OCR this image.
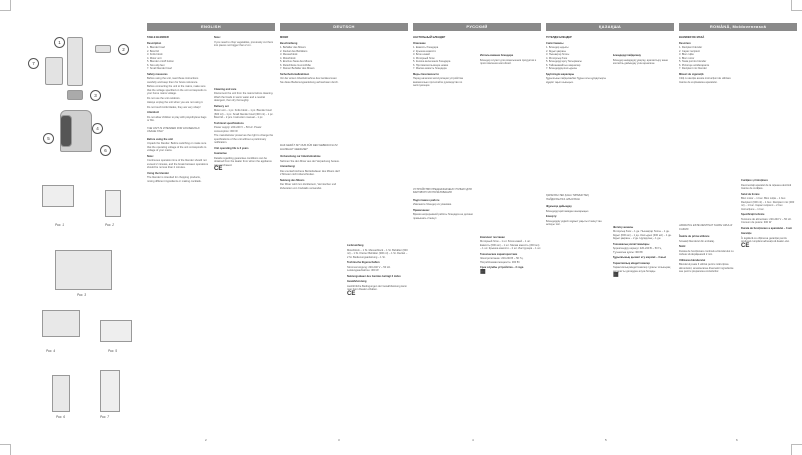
1
2
3
4
5
6
7
Рис. 1	Рис. 2
Рис. 3
Рис. 4	Рис. 5
Рис. 6	Рис. 7
ENGLISH
TABLE BLENDER
Description
1. Blender bowl
2. Bowl lid
3. Knife block
4. Motor unit
5. Blender on/off button
6. Non-slip feet
7. Small blender bowl
Safety measures
Before using the unit, read these instructions carefully and keep them for future reference.
Before connecting the unit to the mains, make sure that the voltage specified on the unit corresponds to your home mains voltage.
Do not use the unit outdoors.
Always unplug the unit when you are not using it.
Do not touch knife blades, they are very sharp!
Attention!
Do not allow children to play with polyethylene bags or film.
THE UNIT IS INTENDED FOR HOUSEHOLD USAGE ONLY
Before using the unit
Unpack the blender. Before switching on make sure that the operating voltage of the unit corresponds to voltage of your mains.
Note:
Continuous operation time of the blender should not exceed 2 minutes, and the break between operations should be no less than 2 minutes.
Using the blender
The blender is intended for chopping products, mixing different ingredients or making cocktails.
Note:
If you need to chop vegetables, previously cut them into pieces not bigger than 2 cm.
Cleaning and care
Disconnect the unit from the mains before cleaning. Wash the bowls in warm water and a neutral detergent, then dry thoroughly.
Delivery set
Motor unit – 1 pc. Knife block – 1 pc. Blender bowl (600 ml) – 1 pc. Small blender bowl (300 ml) – 1 pc. Bowl lid – 2 pcs. Instruction manual – 1 pc.
Technical specifications
Power supply: 220-240 V ~ 50 Hz. Power consumption: 300 W
The manufacturer preserves the right to change the specifications of the unit without a preliminary notification.
Unit operating life is 3 years
Guarantee
Details regarding guarantee conditions can be obtained from the dealer from whom the appliance was purchased.
CE
2
DEUTSCH
MIXER
Beschreibung
1. Behälter des Mixers
2. Deckel des Behälters
3. Messerblock
4. Motorblock
5. Ein/Aus-Taste des Mixers
6. Rutschfeste Gummifüße
7. Kleiner Behälter des Mixers
Sicherheitsmaßnahmen
Vor der ersten Inbetriebnahme des Gerätes lesen Sie diese Bedienungsanleitung aufmerksam durch.
DAS GERÄT IST NUR FÜR DEN GEBRAUCH IM HAUSHALT GEEIGNET
Vorbereitung zur Inbetriebnahme
Nehmen Sie den Mixer aus der Verpackung heraus.
Anmerkung:
Die ununterbrochene Betriebsdauer des Mixers darf 2 Minuten nicht überschreiten.
Nutzung des Mixers
Der Mixer wird zum Zerkleinern, Vermischen und Zubereiten von Cocktails verwendet.
Lieferumfang
Motorblock – 1 St. Messerblock – 1 St. Behälter (600 ml) – 1 St. Kleiner Behälter (300 ml) – 1 St. Deckel – 2 St. Bedienungsanleitung – 1 St.
Technische Eigenschaften
Stromversorgung: 220-240 V ~ 50 Hz. Leistungsaufnahme: 300 W
Nutzungsdauer des Gerätes beträgt 3 Jahre
Gewährleistung
Ausführliche Bedingungen der Gewährleistung kann man beim Dealer erhalten.
CE
3
РУССКИЙ
НАСТОЛЬНЫЙ БЛЕНДЕР
Описание
1. Емкость блендера
2. Крышка емкости
3. Блок ножей
4. Моторный блок
5. Кнопка включения блендера
6. Противоскользящие ножки
7. Малая емкость блендера
Меры безопасности
Перед началом эксплуатации устройства внимательно прочитайте руководство по эксплуатации.
УСТРОЙСТВО ПРЕДНАЗНАЧЕНО ТОЛЬКО ДЛЯ БЫТОВОГО ИСПОЛЬЗОВАНИЯ
Подготовка к работе
Извлеките блендер из упаковки.
Примечание:
Время непрерывной работы блендера не должно превышать 2 минут.
Использование блендера
Блендер служит для измельчения продуктов и приготовления коктейлей.
Комплект поставки
Моторный блок – 1 шт. Блок ножей – 1 шт. Емкость (600 мл) – 1 шт. Малая емкость (300 мл) – 1 шт. Крышка емкости – 2 шт. Инструкция – 1 шт.
Технические характеристики
Электропитание: 220-240 В ~ 50 Гц. Потребляемая мощность: 300 Вт
Срок службы устройства – 3 года
▦
4
ҚАЗАҚША
ҮСТЕЛДІК БЛЕНДЕР
Сипаттамасы
1. Блендер ыдысы
2. Ыдыс қақпағы
3. Пышақтар блогы
4. Моторлық блок
5. Блендерді қосу батырмасы
6. Тайғанамайтын аяқшалар
7. Блендердің кіші ыдысы
Қауіпсіздік шаралары
Құрылғыны пайдаланбас бұрын осы нұсқаулықты мұқият оқып шығыңыз.
ҚҰРЫЛҒЫ ТЕК ҚАНА ТҰРМЫСТЫҚ ПАЙДАЛАНУҒА АРНАЛҒАН
Жұмысқа дайындау
Блендерді қаптамадан шығарыңыз.
Ескерту:
Блендердің үздіксіз жұмыс уақыты 2 минуттан аспауы тиіс.
Блендерді пайдалану
Блендер өнімдерді ұсақтау, араластыру және коктейль дайындау үшін арналған.
Жеткізу жинағы
Моторлық блок – 1 дн. Пышақтар блогы – 1 дн. Ыдыс (600 мл) – 1 дн. Кіші ыдыс (300 мл) – 1 дн. Ыдыс қақпағы – 2 дн. Нұсқаулық – 1 дн.
Техникалық сипаттамалары
Қоректендіру кернеуі: 220-240 В ~ 50 Гц. Тұтынатын қуаты: 300 Вт
Құрылғының қызмет ету мерзімі – 3 жыл
Гарантиялық міндеттемелер
Гарантиялық міндеттемелер туралы толығырақ ақпаратты дилерден алуға болады.
▦
5
ROMÂNĂ, Moldovenească
BLENDER DE MASĂ
Descriere
1. Recipient blender
2. Capac recipient
3. Bloc cuțite
4. Bloc motor
5. Tasta pornire blender
6. Picioruşe antiderapante
7. Recipient mic blender
Măsuri de siguranță
Citiți cu atenție aceste instrucțiuni de utilizare înainte de exploatarea aparatului.
APARATUL ESTE DESTINAT NUMAI UZULUI CASNIC
Înainte de prima utilizare
Scoateți blenderul din ambalaj.
Notă:
Durata de funcționare continuă a blenderului nu trebuie să depășească 2 min.
Utilizarea blenderului
Blenderul poate fi utilizat pentru mărunțirea alimentelor, amestecarea diverselor ingrediente sau pentru prepararea cocteilurilor.
Curățare și întreținere
Deconectați aparatul de la rețeaua electrică înainte de curățare.
Setul de livrare
Bloc motor – 1 buc. Bloc cuțite – 1 buc. Recipient (600 ml) – 1 buc. Recipient mic (300 ml) – 1 buc. Capac recipient – 2 buc. Instrucțiune – 1 buc.
Specificații tehnice
Tensiune de alimentare: 220-240 V ~ 50 Hz. Consum de putere: 300 W
Durata de funcționare a aparatului – 3 ani
Garanție
În legătură cu obținerea garanției pentru produsul cumpărat adresați-vă dealer-ului.
CE
6
